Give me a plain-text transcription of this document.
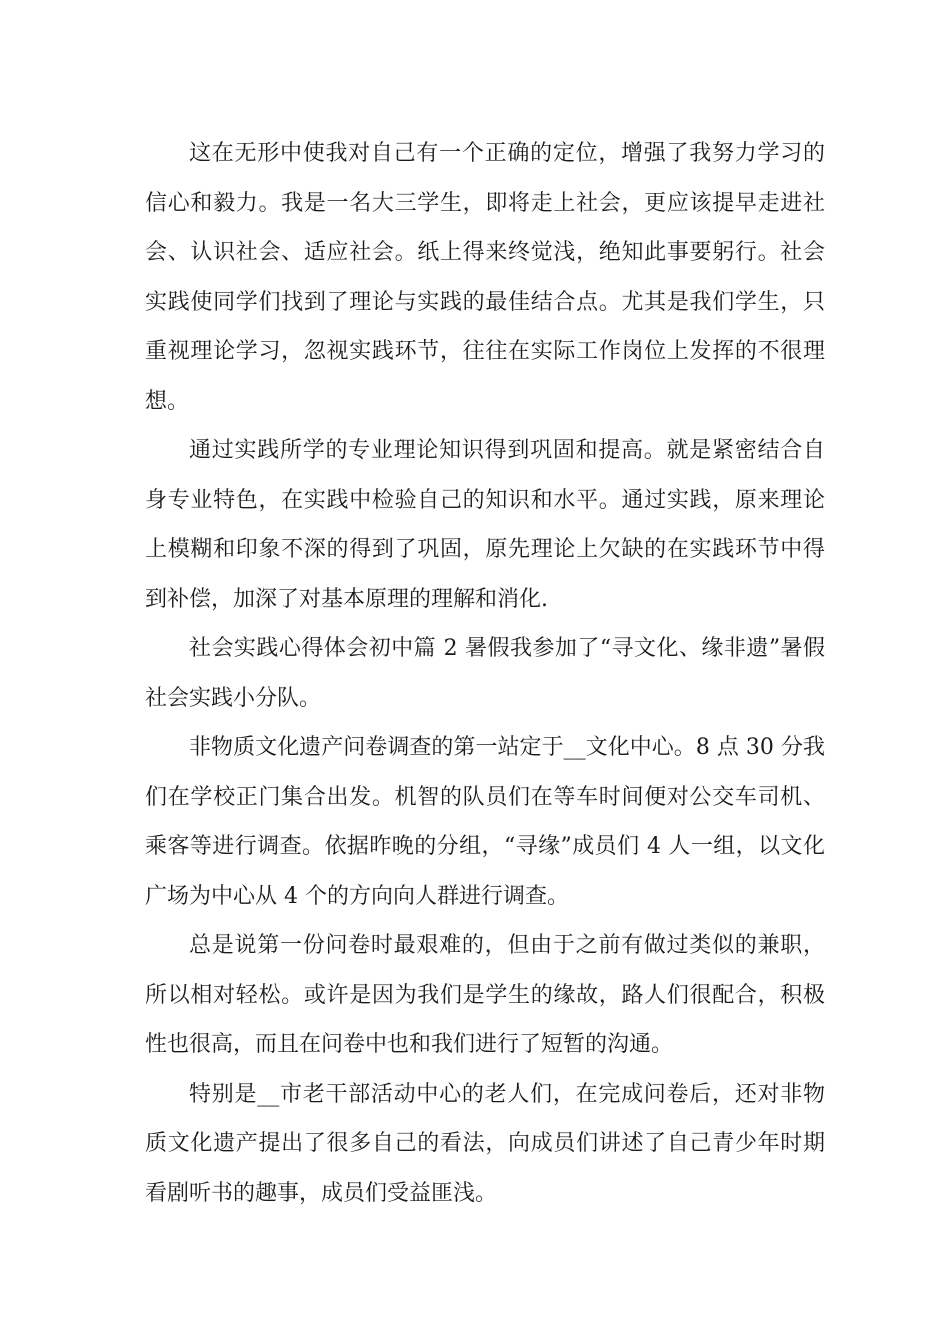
这在无形中使我对自己有一个正确的定位，增强了我努力学习的信心和毅力。我是一名大三学生，即将走上社会，更应该提早走进社会、认识社会、适应社会。纸上得来终觉浅，绝知此事要躬行。社会实践使同学们找到了理论与实践的最佳结合点。尤其是我们学生，只重视理论学习，忽视实践环节，往往在实际工作岗位上发挥的不很理想。

通过实践所学的专业理论知识得到巩固和提高。就是紧密结合自身专业特色，在实践中检验自己的知识和水平。通过实践，原来理论上模糊和印象不深的得到了巩固，原先理论上欠缺的在实践环节中得到补偿，加深了对基本原理的理解和消化.

社会实践心得体会初中篇 2 暑假我参加了“寻文化、缘非遗”暑假社会实践小分队。

非物质文化遗产问卷调查的第一站定于__文化中心。8 点 30 分我们在学校正门集合出发。机智的队员们在等车时间便对公交车司机、乘客等进行调查。依据昨晚的分组，“寻缘”成员们 4 人一组，以文化广场为中心从 4 个的方向向人群进行调查。

总是说第一份问卷时最艰难的，但由于之前有做过类似的兼职，所以相对轻松。或许是因为我们是学生的缘故，路人们很配合，积极性也很高，而且在问卷中也和我们进行了短暂的沟通。

特别是__市老干部活动中心的老人们，在完成问卷后，还对非物质文化遗产提出了很多自己的看法，向成员们讲述了自己青少年时期看剧听书的趣事，成员们受益匪浅。
